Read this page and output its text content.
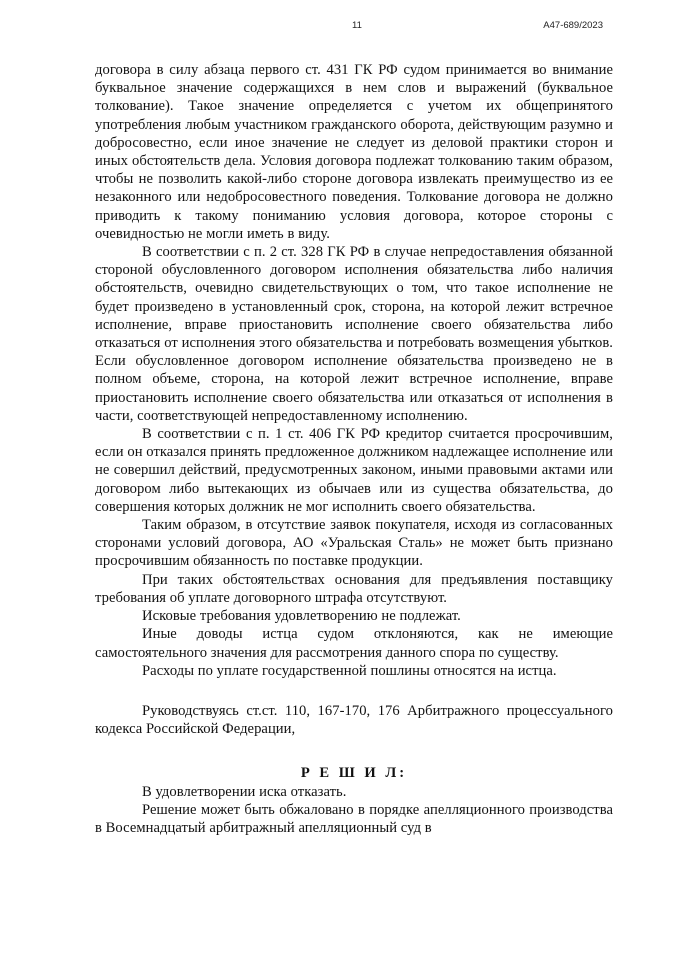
11	А47-689/2023

договора в силу абзаца первого ст. 431 ГК РФ судом принимается во внимание буквальное значение содержащихся в нем слов и выражений (буквальное толкование). Такое значение определяется с учетом их общепринятого употребления любым участником гражданского оборота, действующим разумно и добросовестно, если иное значение не следует из деловой практики сторон и иных обстоятельств дела. Условия договора подлежат толкованию таким образом, чтобы не позволить какой-либо стороне договора извлекать преимущество из ее незаконного или недобросовестного поведения. Толкование договора не должно приводить к такому пониманию условия договора, которое стороны с очевидностью не могли иметь в виду.

В соответствии с п. 2 ст. 328 ГК РФ в случае непредоставления обязанной стороной обусловленного договором исполнения обязательства либо наличия обстоятельств, очевидно свидетельствующих о том, что такое исполнение не будет произведено в установленный срок, сторона, на которой лежит встречное исполнение, вправе приостановить исполнение своего обязательства либо отказаться от исполнения этого обязательства и потребовать возмещения убытков. Если обусловленное договором исполнение обязательства произведено не в полном объеме, сторона, на которой лежит встречное исполнение, вправе приостановить исполнение своего обязательства или отказаться от исполнения в части, соответствующей непредоставленному исполнению.

В соответствии с п. 1 ст. 406 ГК РФ кредитор считается просрочившим, если он отказался принять предложенное должником надлежащее исполнение или не совершил действий, предусмотренных законом, иными правовыми актами или договором либо вытекающих из обычаев или из существа обязательства, до совершения которых должник не мог исполнить своего обязательства.

Таким образом, в отсутствие заявок покупателя, исходя из согласованных сторонами условий договора, АО «Уральская Сталь» не может быть признано просрочившим обязанность по поставке продукции.

При таких обстоятельствах основания для предъявления поставщику требования об уплате договорного штрафа отсутствуют.

Исковые требования удовлетворению не подлежат.

Иные доводы истца судом отклоняются, как не имеющие самостоятельного значения для рассмотрения данного спора по существу.

Расходы по уплате государственной пошлины относятся на истца.

Руководствуясь ст.ст. 110, 167-170, 176 Арбитражного процессуального кодекса Российской Федерации,

Р Е Ш И Л:

В удовлетворении иска отказать.

Решение может быть обжаловано в порядке апелляционного производства в Восемнадцатый арбитражный апелляционный суд в
